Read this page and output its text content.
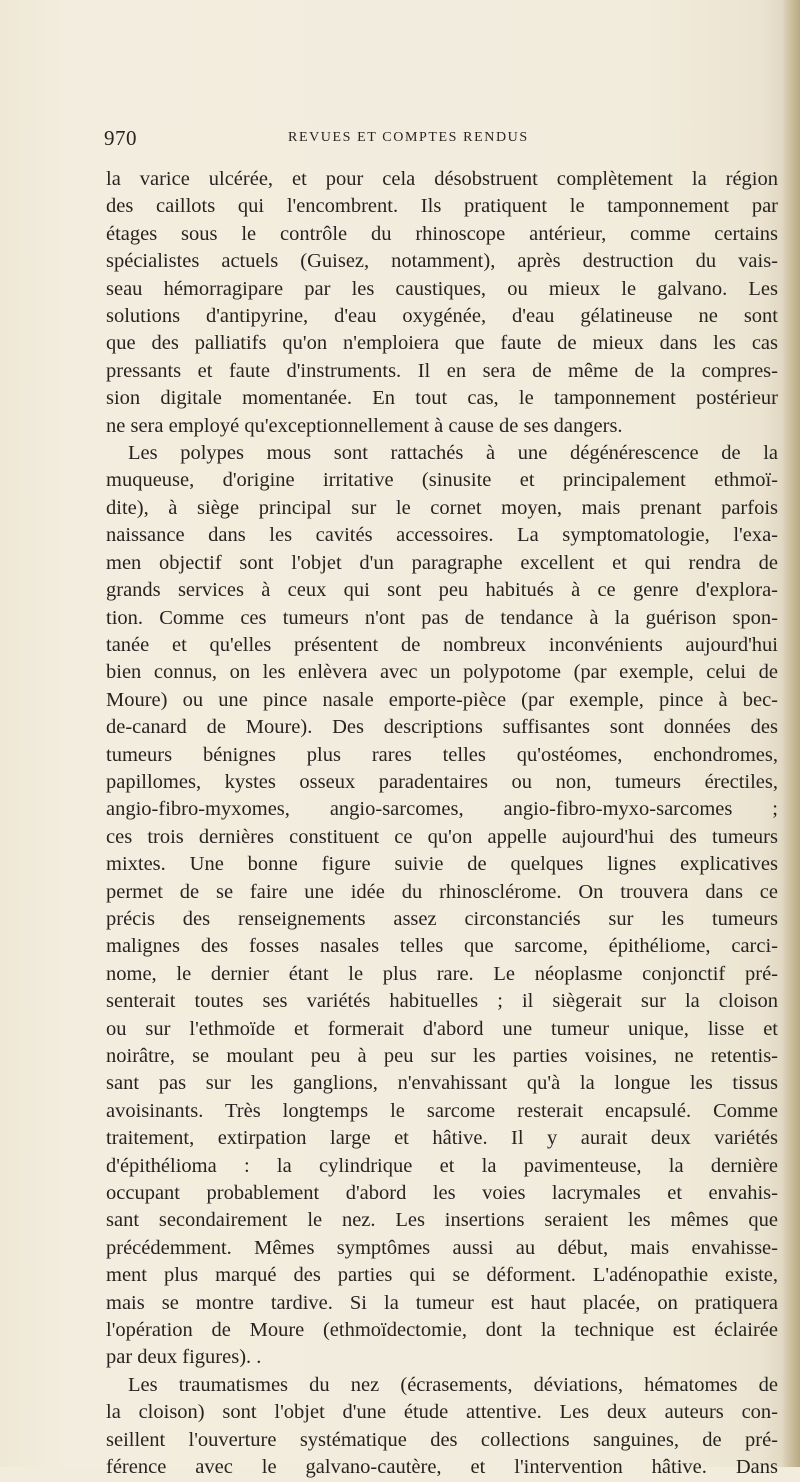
970	REVUES ET COMPTES RENDUS
la varice ulcérée, et pour cela désobstruent complètement la région
des caillots qui l'encombrent. Ils pratiquent le tamponnement par
étages sous le contrôle du rhinoscope antérieur, comme certains
spécialistes actuels (Guisez, notamment), après destruction du vais-
seau hémorragipare par les caustiques, ou mieux le galvano. Les
solutions d'antipyrine, d'eau oxygénée, d'eau gélatineuse ne sont
que des palliatifs qu'on n'emploiera que faute de mieux dans les cas
pressants et faute d'instruments. Il en sera de même de la compres-
sion digitale momentanée. En tout cas, le tamponnement postérieur
ne sera employé qu'exceptionnellement à cause de ses dangers.
Les polypes mous sont rattachés à une dégénérescence de la
muqueuse, d'origine irritative (sinusite et principalement ethmoï-
dite), à siège principal sur le cornet moyen, mais prenant parfois
naissance dans les cavités accessoires. La symptomatologie, l'exa-
men objectif sont l'objet d'un paragraphe excellent et qui rendra de
grands services à ceux qui sont peu habitués à ce genre d'explora-
tion. Comme ces tumeurs n'ont pas de tendance à la guérison spon-
tanée et qu'elles présentent de nombreux inconvénients aujourd'hui
bien connus, on les enlèvera avec un polypotome (par exemple, celui de
Moure) ou une pince nasale emporte-pièce (par exemple, pince à bec-
de-canard de Moure). Des descriptions suffisantes sont données des
tumeurs bénignes plus rares telles qu'ostéomes, enchondromes,
papillomes, kystes osseux paradentaires ou non, tumeurs érectiles,
angio-fibro-myxomes, angio-sarcomes, angio-fibro-myxo-sarcomes ;
ces trois dernières constituent ce qu'on appelle aujourd'hui des tumeurs
mixtes. Une bonne figure suivie de quelques lignes explicatives
permet de se faire une idée du rhinosclérome. On trouvera dans ce
précis des renseignements assez circonstanciés sur les tumeurs
malignes des fosses nasales telles que sarcome, épithéliome, carci-
nome, le dernier étant le plus rare. Le néoplasme conjonctif pré-
senterait toutes ses variétés habituelles ; il siègerait sur la cloison
ou sur l'ethmoïde et formerait d'abord une tumeur unique, lisse et
noirâtre, se moulant peu à peu sur les parties voisines, ne retentis-
sant pas sur les ganglions, n'envahissant qu'à la longue les tissus
avoisinants. Très longtemps le sarcome resterait encapsulé. Comme
traitement, extirpation large et hâtive. Il y aurait deux variétés
d'épithélioma : la cylindrique et la pavimenteuse, la dernière
occupant probablement d'abord les voies lacrymales et envahis-
sant secondairement le nez. Les insertions seraient les mêmes que
précédemment. Mêmes symptômes aussi au début, mais envahisse-
ment plus marqué des parties qui se déforment. L'adénopathie existe,
mais se montre tardive. Si la tumeur est haut placée, on pratiquera
l'opération de Moure (ethmoïdectomie, dont la technique est éclairée
par deux figures). .
Les traumatismes du nez (écrasements, déviations, hématomes de
la cloison) sont l'objet d'une étude attentive. Les deux auteurs con-
seillent l'ouverture systématique des collections sanguines, de pré-
férence avec le galvano-cautère, et l'intervention hâtive. Dans
